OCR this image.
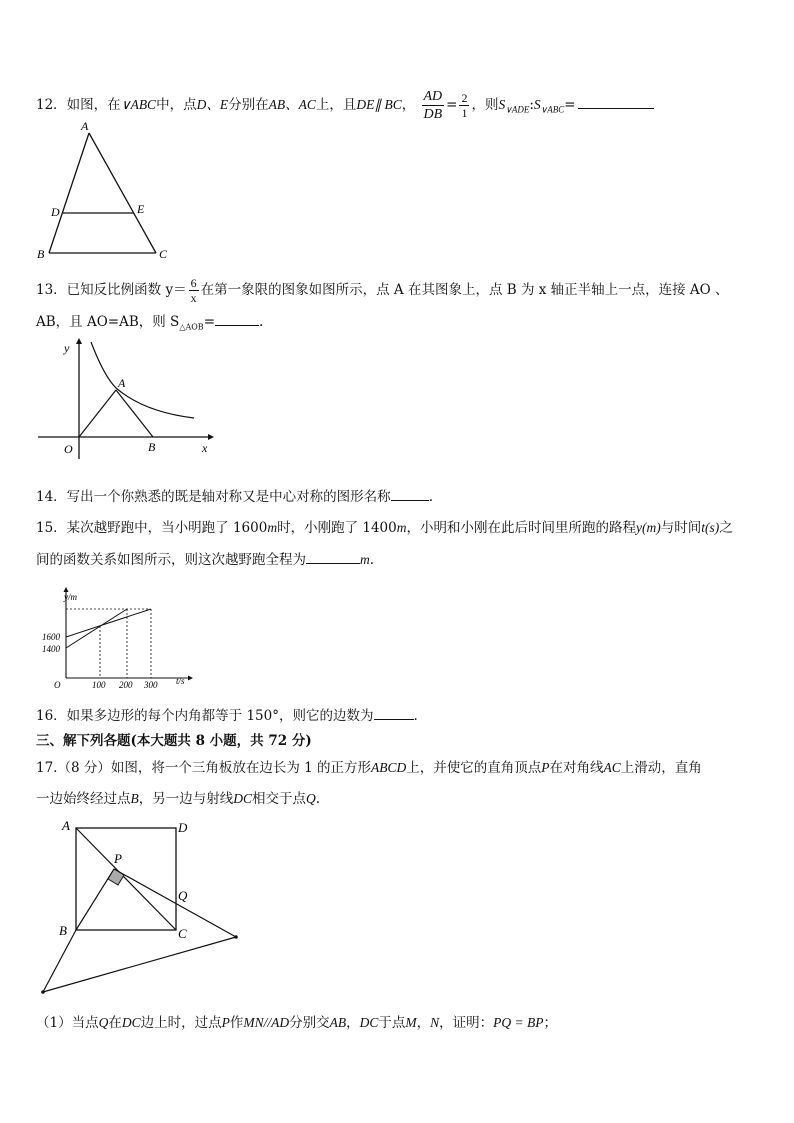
12．如图，在∨ABC中，点D、E分别在AB、AC上，且DE∥ BC， $\frac{AD}{DB} = \frac{2}{1}$ ，则$S_{\vee ADE}:S_{\vee ABC}=$
A
B	C
D	E
13．已知反比例函数 $y= \frac{6}{x}$ 在第一象限的图象如图所示，点 A 在其图象上，点 B 为 x 轴正半轴上一点，连接 AO 、
AB，且 AO=AB，则 $S_{\triangle AOB}=$	.
y
A
O	B	x
14．写出一个你熟悉的既是轴对称又是中心对称的图形名称	.
15．某次越野跑中，当小明跑了 1600m时，小刚跑了 1400m，小明和小刚在此后时间里所跑的路程y(m)与时间t(s)之
间的函数关系如图所示，则这次越野跑全程为	m.
y/m
1600
1400
O	100 200 300 t/s
16．如果多边形的每个内角都等于 150°，则它的边数为	.
三、解下列各题(本大题共 8 小题，共 72 分)
17.（8 分）如图，将一个三角板放在边长为 1 的正方形ABCD上，并使它的直角顶点P在对角线AC上滑动，直角
一边始终经过点B，另一边与射线DC相交于点Q.
A	D
P
Q
B	C
（1）当点Q在DC边上时，过点P作MN//AD分别交AB，DC于点M，N，证明：PQ = BP；
